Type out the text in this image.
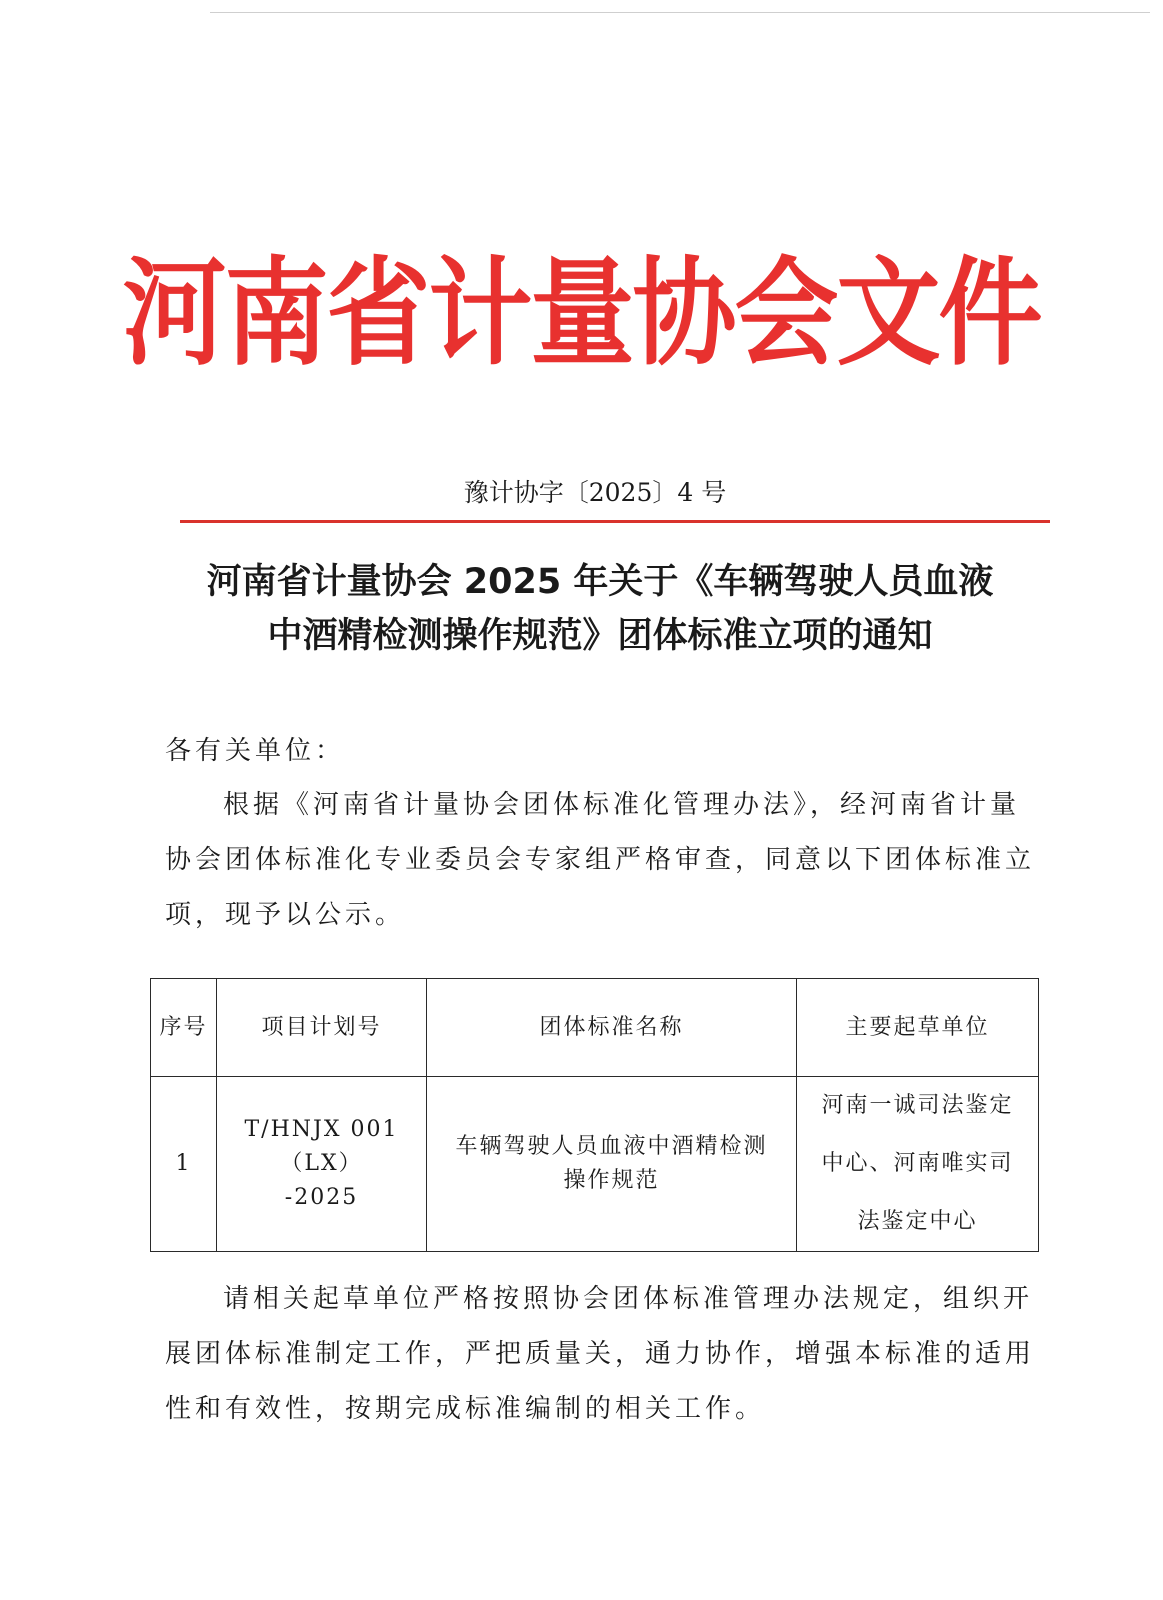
河南省计量协会文件
豫计协字〔2025〕4 号
河南省计量协会 2025 年关于《车辆驾驶人员血液
中酒精检测操作规范》团体标准立项的通知

各有关单位：

根据《河南省计量协会团体标准化管理办法》，经河南省计量
协会团体标准化专业委员会专家组严格审查，同意以下团体标准立
项，现予以公示。

序号	项目计划号	团体标准名称	主要起草单位
1	T/HNJX 001（LX）
-2025	车辆驾驶人员血液中酒精检测
操作规范	河南一诚司法鉴定
中心、河南唯实司
法鉴定中心

请相关起草单位严格按照协会团体标准管理办法规定，组织开
展团体标准制定工作，严把质量关，通力协作，增强本标准的适用
性和有效性，按期完成标准编制的相关工作。
